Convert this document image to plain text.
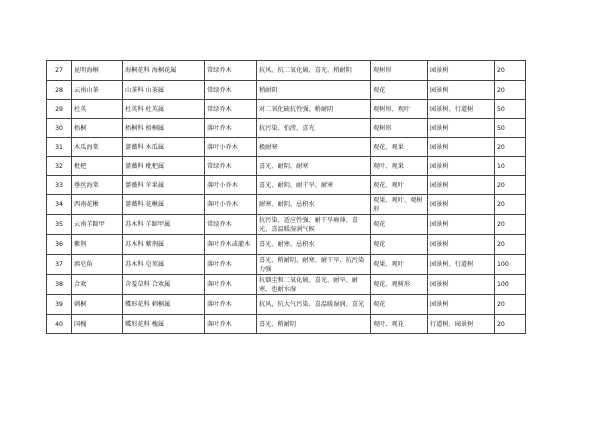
27	昆明海桐	海桐花科 海桐花属	常绿乔木	抗风、抗二氧化硫、喜光、稍耐阴	观树形	园景树	20
28	云南山茶	山茶科 山茶属	常绿乔木	稍耐阴	观花	园景树	20
29	杜英	杜英科 杜英属	常绿乔木	对二氧化硫抗性强、稍耐阴	观树形、观叶	园景树、行道树	50
30	梧桐	梧桐科 梧桐属	落叶乔木	抗污染、怕涝、喜光	观树形	园景树	50
31	木瓜海棠	蔷薇科 木瓜属	落叶小乔木	极耐寒	观花、观果	园景树	20
32	枇杷	蔷薇科 枇杷属	常绿乔木	喜光、耐阴、耐寒	观叶、观果	园景树	10
33	垂丝海棠	蔷薇科 苹果属	落叶小乔木	喜光、耐阴、耐干旱、耐寒	观花、观叶	园景树	20
34	西南花楸	蔷薇科 花楸属	落叶小乔木	耐寒、耐阴、忌积水	观果、观叶、观树形	园景树	20
35	云南羊蹄甲	苏木科 羊蹄甲属	常绿乔木	抗污染、适应性强、耐干旱瘠薄、喜光、喜温暖湿润气候	观花	园景树	20
36	紫荆	苏木科 紫荆属	落叶乔木或灌木	喜光、耐寒、忌积水	观花	园景树	20
37	滇皂角	苏木科 皂荚属	落叶乔木	喜光、稍耐阴、耐寒、耐干旱、抗污染力强	观果、观叶	园景树、行道树	100
38	合欢	含羞草科 合欢属	落叶乔木	抗烟尘和二氧化硫、喜光、耐旱、耐寒、也耐水湿	观花、观树形	园景树	100
39	刺桐	蝶形花科 刺桐属	落叶乔木	抗风，抗大气污染、喜温暖湿润、喜光	观花	园景树	20
40	国槐	蝶形花科 槐属	落叶乔木	喜光、稍耐阴	观叶、观花	行道树、园景树	20
